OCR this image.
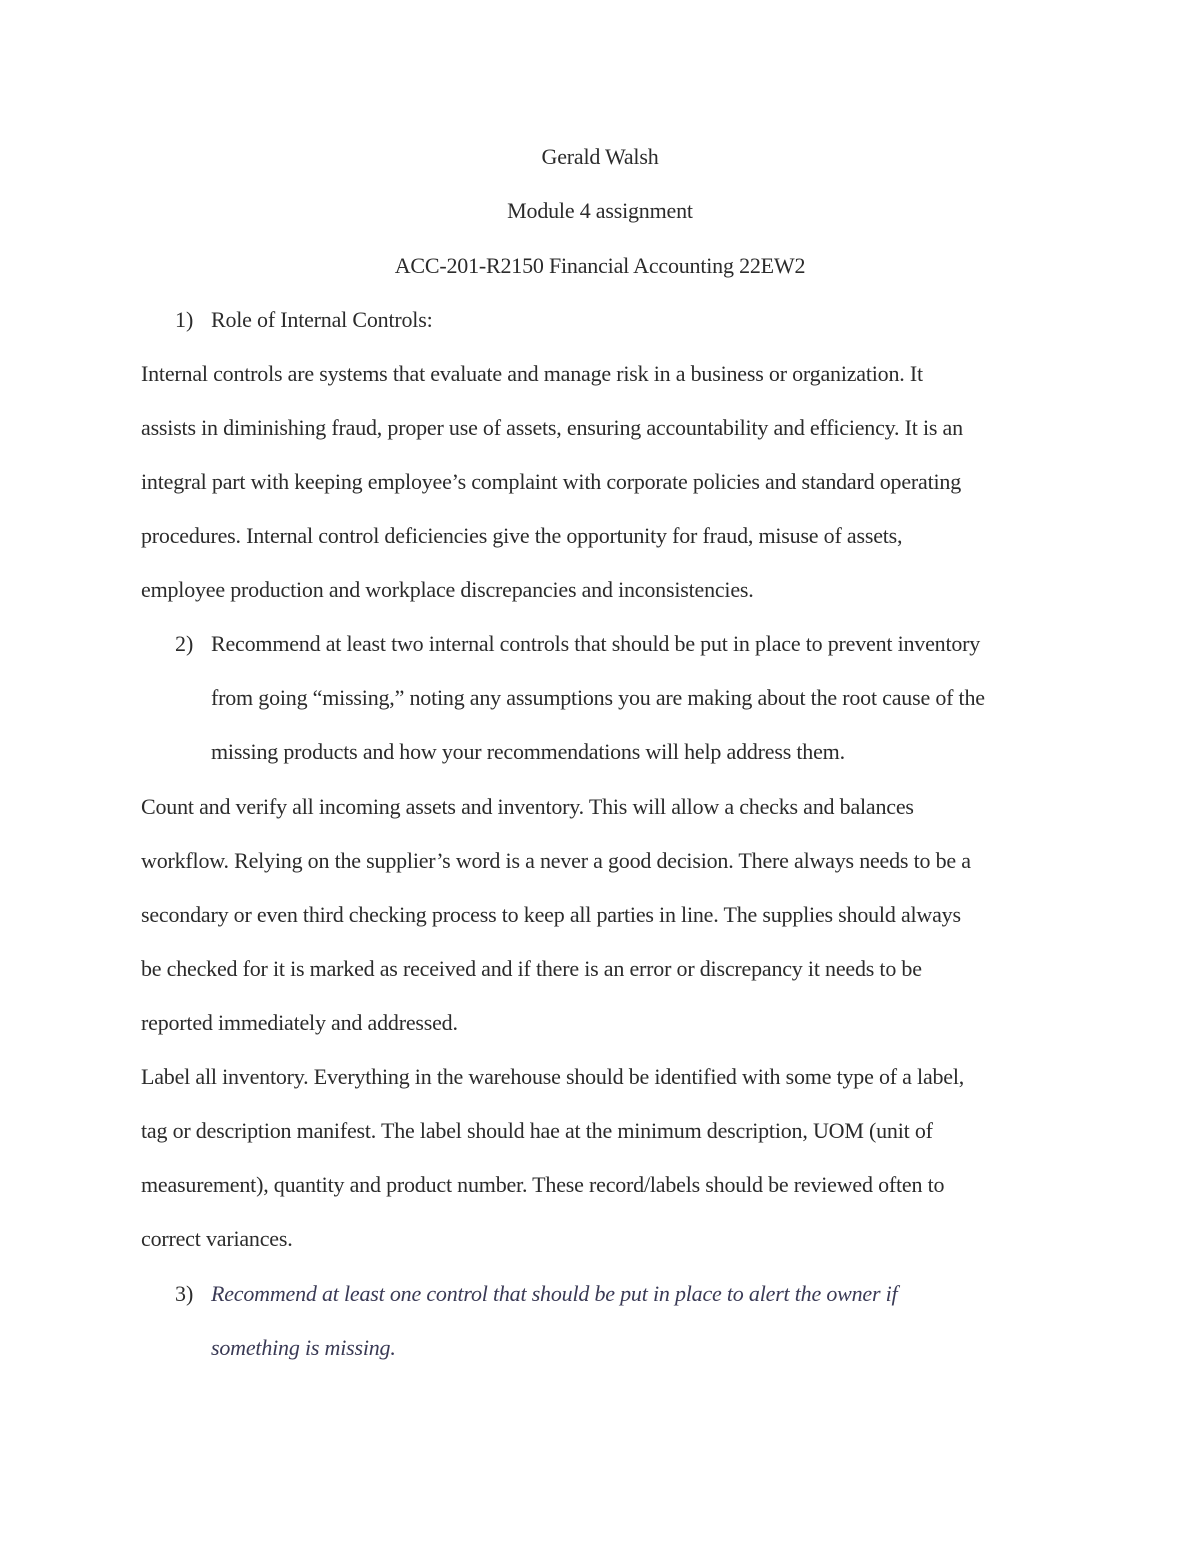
Gerald Walsh
Module 4 assignment
ACC-201-R2150 Financial Accounting 22EW2
1) Role of Internal Controls:
Internal controls are systems that evaluate and manage risk in a business or organization. It
assists in diminishing fraud, proper use of assets, ensuring accountability and efficiency. It is an
integral part with keeping employee’s complaint with corporate policies and standard operating
procedures. Internal control deficiencies give the opportunity for fraud, misuse of assets,
employee production and workplace discrepancies and inconsistencies.
2) Recommend at least two internal controls that should be put in place to prevent inventory
from going “missing,” noting any assumptions you are making about the root cause of the
missing products and how your recommendations will help address them.
Count and verify all incoming assets and inventory. This will allow a checks and balances
workflow. Relying on the supplier’s word is a never a good decision. There always needs to be a
secondary or even third checking process to keep all parties in line. The supplies should always
be checked for it is marked as received and if there is an error or discrepancy it needs to be
reported immediately and addressed.
Label all inventory. Everything in the warehouse should be identified with some type of a label,
tag or description manifest. The label should hae at the minimum description, UOM (unit of
measurement), quantity and product number. These record/labels should be reviewed often to
correct variances.
3) Recommend at least one control that should be put in place to alert the owner if
something is missing.
